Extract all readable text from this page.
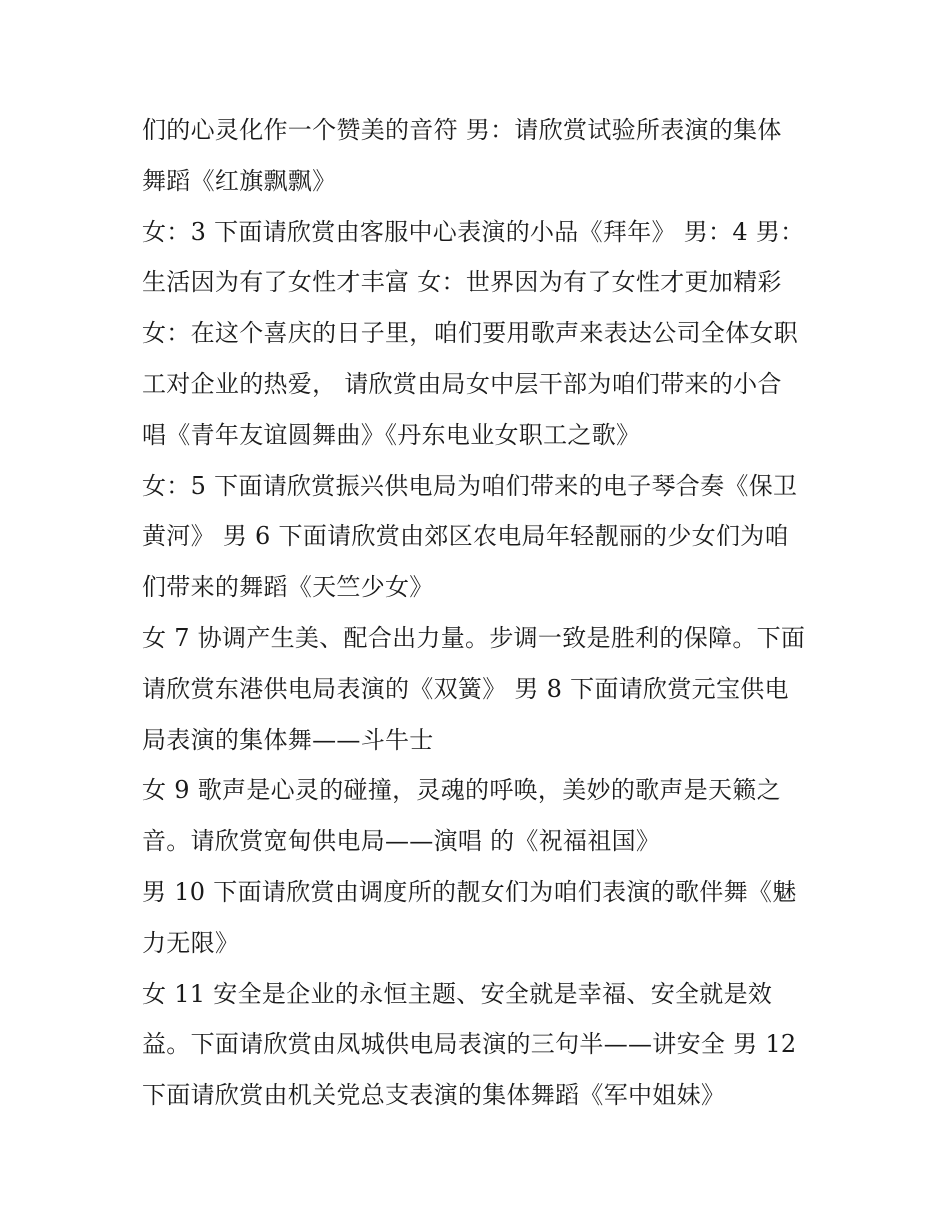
们的心灵化作一个赞美的音符 男：请欣赏试验所表演的集体
舞蹈《红旗飘飘》
女：3 下面请欣赏由客服中心表演的小品《拜年》 男：4 男：
生活因为有了女性才丰富 女：世界因为有了女性才更加精彩
女：在这个喜庆的日子里，咱们要用歌声来表达公司全体女职
工对企业的热爱， 请欣赏由局女中层干部为咱们带来的小合
唱《青年友谊圆舞曲》《丹东电业女职工之歌》
女：5 下面请欣赏振兴供电局为咱们带来的电子琴合奏《保卫
黄河》 男 6 下面请欣赏由郊区农电局年轻靓丽的少女们为咱
们带来的舞蹈《天竺少女》
女 7 协调产生美、配合出力量。步调一致是胜利的保障。下面
请欣赏东港供电局表演的《双簧》 男 8 下面请欣赏元宝供电
局表演的集体舞——斗牛士
女 9 歌声是心灵的碰撞，灵魂的呼唤，美妙的歌声是天籁之
音。请欣赏宽甸供电局——演唱 的《祝福祖国》
男 10 下面请欣赏由调度所的靓女们为咱们表演的歌伴舞《魅
力无限》
女 11 安全是企业的永恒主题、安全就是幸福、安全就是效
益。下面请欣赏由凤城供电局表演的三句半——讲安全 男 12
下面请欣赏由机关党总支表演的集体舞蹈《军中姐妹》
